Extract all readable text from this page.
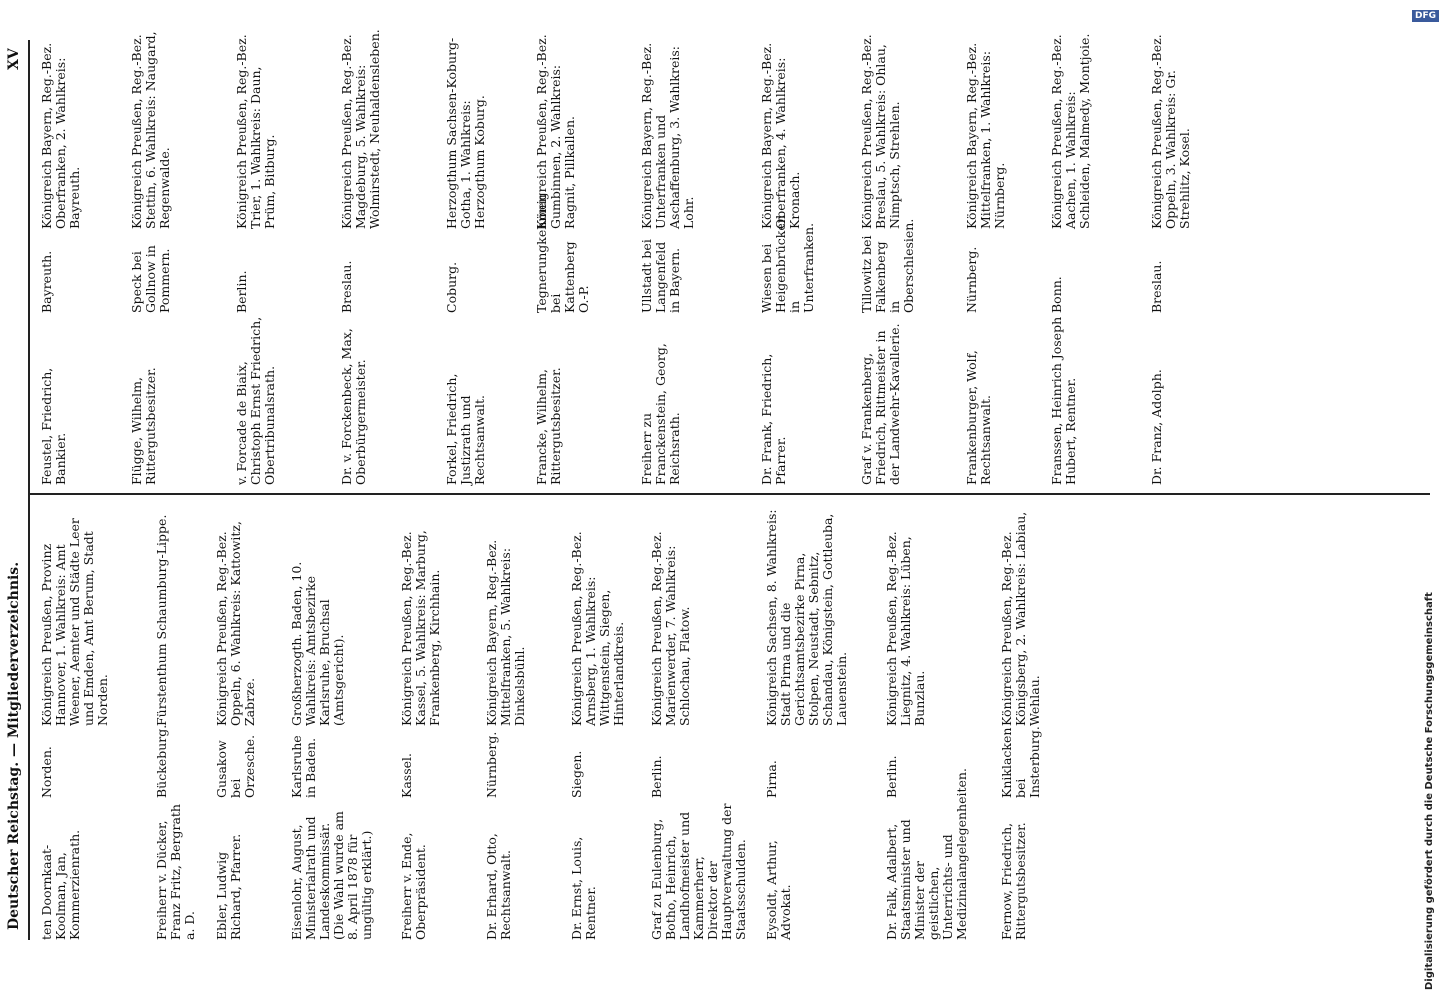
Deutscher Reichstag. — Mitgliederverzeichnis.
XV
ten Doornkaat-Koolman, Jan, Kommerzienrath.
Norden.
Königreich Preußen, Provinz Hannover, 1. Wahlkreis: Amt Weener, Aemter und Städte Leer und Emden, Amt Berum, Stadt Norden.
Freiherr v. Dücker, Franz Fritz, Bergrath a. D.
Bückeburg.
Fürstenthum Schaumburg-Lippe.
Ebler, Ludwig Richard, Pfarrer.
Gusakow bei Orzesche.
Königreich Preußen, Reg.-Bez. Oppeln, 6. Wahlkreis: Kattowitz, Zabrze.
Eisenlohr, August, Ministerialrath und Landeskommissär. (Die Wahl wurde am 8. April 1878 für ungültig erklärt.)
Karlsruhe in Baden.
Großherzogth. Baden, 10. Wahlkreis: Amtsbezirke Karlsruhe, Bruchsal (Amtsgericht).
Freiherr v. Ende, Oberpräsident.
Kassel.
Königreich Preußen, Reg.-Bez. Kassel, 5. Wahlkreis: Marburg, Frankenberg, Kirchhain.
Dr. Erhard, Otto, Rechtsanwalt.
Nürnberg.
Königreich Bayern, Reg.-Bez. Mittelfranken, 5. Wahlkreis: Dinkelsbühl.
Dr. Ernst, Louis, Rentner.
Siegen.
Königreich Preußen, Reg.-Bez. Arnsberg, 1. Wahlkreis: Wittgenstein, Siegen, Hinterlandkreis.
Graf zu Eulenburg, Botho, Heinrich, Landhofmeister und Kammerherr, Direktor der Hauptverwaltung der Staatsschulden.
Berlin.
Königreich Preußen, Reg.-Bez. Marienwerder, 7. Wahlkreis: Schlochau, Flatow.
Eysoldt, Arthur, Advokat.
Pirna.
Königreich Sachsen, 8. Wahlkreis: Stadt Pirna und die Gerichtsamtsbezirke Pirna, Stolpen, Neustadt, Sebnitz, Schandau, Königstein, Gottleuba, Lauenstein.
Dr. Falk, Adalbert, Staatsminister und Minister der geistlichen, Unterrichts- und Medizinalangelegenheiten.
Berlin.
Königreich Preußen, Reg.-Bez. Liegnitz, 4. Wahlkreis: Lüben, Bunzlau.
Fernow, Friedrich, Rittergutsbesitzer.
Kniklacken bei Insterburg.
Königreich Preußen, Reg.-Bez. Königsberg, 2. Wahlkreis: Labiau, Wehlau.
Feustel, Friedrich, Bankier.
Bayreuth.
Königreich Bayern, Reg.-Bez. Oberfranken, 2. Wahlkreis: Bayreuth.
Flügge, Wilhelm, Rittergutsbesitzer.
Speck bei Gollnow in Pommern.
Königreich Preußen, Reg.-Bez. Stettin, 6. Wahlkreis: Naugard, Regenwalde.
v. Forcade de Biaix, Christoph Ernst Friedrich, Obertribunalsrath.
Berlin.
Königreich Preußen, Reg.-Bez. Trier, 1. Wahlkreis: Daun, Prüm, Bitburg.
Dr. v. Forckenbeck, Max, Oberbürgermeister.
Breslau.
Königreich Preußen, Reg.-Bez. Magdeburg, 5. Wahlkreis: Wolmirstedt, Neuhaldensleben.
Forkel, Friedrich, Justizrath und Rechtsanwalt.
Coburg.
Herzogthum Sachsen-Koburg-Gotha, 1. Wahlkreis: Herzogthum Koburg.
Francke, Wilhelm, Rittergutsbesitzer.
Tegnerungkehmen bei Kattenberg O.-P.
Königreich Preußen, Reg.-Bez. Gumbinnen, 2. Wahlkreis: Ragnit, Pillkallen.
Freiherr zu Franckenstein, Georg, Reichsrath.
Ullstadt bei Langenfeld in Bayern.
Königreich Bayern, Reg.-Bez. Unterfranken und Aschaffenburg, 3. Wahlkreis: Lohr.
Dr. Frank, Friedrich, Pfarrer.
Wiesen bei Heigenbrücken in Unterfranken.
Königreich Bayern, Reg.-Bez. Oberfranken, 4. Wahlkreis: Kronach.
Graf v. Frankenberg, Friedrich, Rittmeister in der Landwehr-Kavallerie.
Tillowitz bei Falkenberg in Oberschlesien.
Königreich Preußen, Reg.-Bez. Breslau, 5. Wahlkreis: Ohlau, Nimptsch, Strehlen.
Frankenburger, Wolf, Rechtsanwalt.
Nürnberg.
Königreich Bayern, Reg.-Bez. Mittelfranken, 1. Wahlkreis: Nürnberg.
Franssen, Heinrich Joseph Hubert, Rentner.
Bonn.
Königreich Preußen, Reg.-Bez. Aachen, 1. Wahlkreis: Schleiden, Malmedy, Montjoie.
Dr. Franz, Adolph.
Breslau.
Königreich Preußen, Reg.-Bez. Oppeln, 3. Wahlkreis: Gr. Strehlitz, Kosel.
Digitalisierung gefördert durch die Deutsche Forschungsgemeinschaft
DFG
